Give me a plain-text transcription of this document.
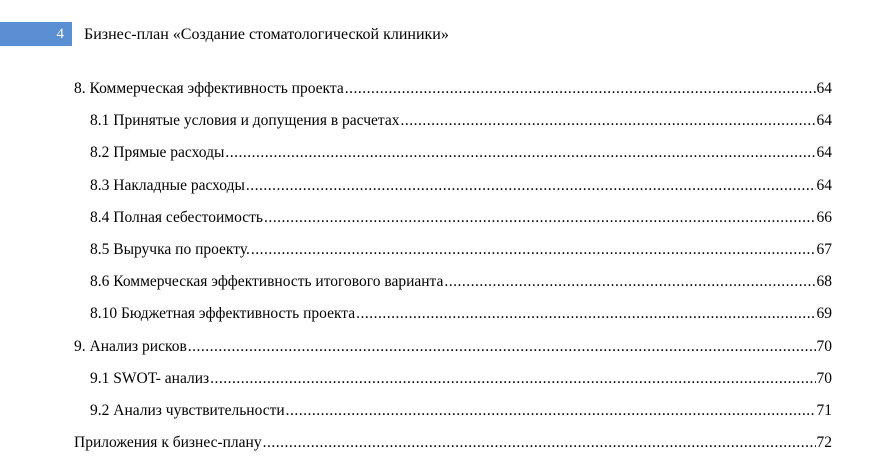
4	Бизнес-план «Создание стоматологической клиники»
8. Коммерческая эффективность проекта .....	64
8.1 Принятые условия и допущения в расчетах .....	64
8.2 Прямые расходы .....	64
8.3 Накладные расходы .....	64
8.4 Полная себестоимость .....	66
8.5 Выручка по проекту. .....	67
8.6 Коммерческая эффективность итогового варианта .....	68
8.10 Бюджетная эффективность проекта .....	69
9. Анализ рисков .....	70
9.1 SWOT- анализ .....	70
9.2 Анализ чувствительности .....	71
Приложения к бизнес-плану .....	72
